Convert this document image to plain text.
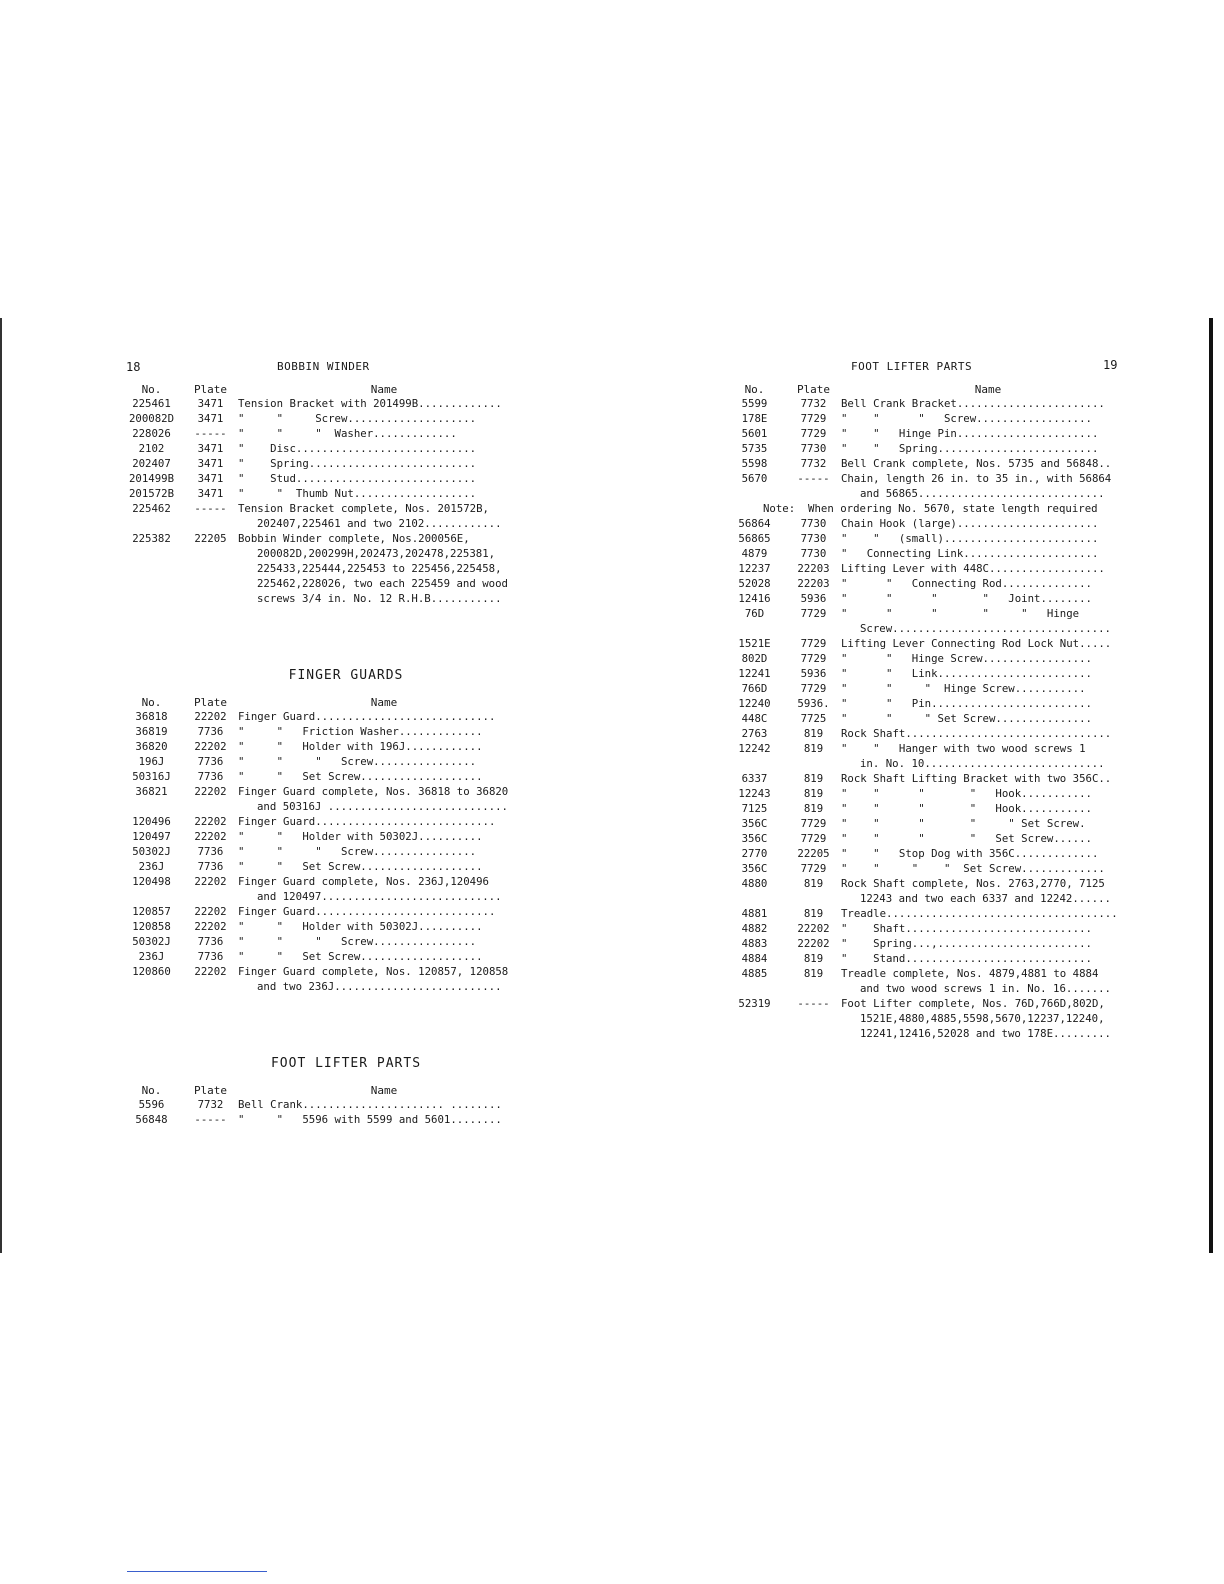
18	BOBBIN WINDER
No.	Plate	Name
225461	3471	Tension Bracket with 201499B.............
200082D	3471	"     "     Screw....................
228026	-----	"     "     "  Washer.............
2102	3471	"    Disc............................
202407	3471	"    Spring..........................
201499B	3471	"    Stud............................
201572B	3471	"     "  Thumb Nut...................
225462	-----	Tension Bracket complete, Nos. 201572B,
202407,225461 and two 2102............
225382	22205	Bobbin Winder complete, Nos.200056E,
200082D,200299H,202473,202478,225381,
225433,225444,225453 to 225456,225458,
225462,228026, two each 225459 and wood
screws 3/4 in. No. 12 R.H.B...........
FINGER GUARDS
No.	Plate	Name
36818	22202	Finger Guard............................
36819	7736	"     "   Friction Washer.............
36820	22202	"     "   Holder with 196J............
196J	7736	"     "     "   Screw................
50316J	7736	"     "   Set Screw...................
36821	22202	Finger Guard complete, Nos. 36818 to 36820
and 50316J ............................
120496	22202	Finger Guard............................
120497	22202	"     "   Holder with 50302J..........
50302J	7736	"     "     "   Screw................
236J	7736	"     "   Set Screw...................
120498	22202	Finger Guard complete, Nos. 236J,120496
and 120497............................
120857	22202	Finger Guard............................
120858	22202	"     "   Holder with 50302J..........
50302J	7736	"     "     "   Screw................
236J	7736	"     "   Set Screw...................
120860	22202	Finger Guard complete, Nos. 120857, 120858
and two 236J..........................
FOOT LIFTER PARTS
No.	Plate	Name
5596	7732	Bell Crank...................... ........
56848	-----	"     "   5596 with 5599 and 5601........
FOOT LIFTER PARTS	19
No.	Plate	Name
5599	7732	Bell Crank Bracket.......................
178E	7729	"    "      "   Screw..................
5601	7729	"    "   Hinge Pin......................
5735	7730	"    "   Spring.........................
5598	7732	Bell Crank complete, Nos. 5735 and 56848..
5670	-----	Chain, length 26 in. to 35 in., with 56864
and 56865.............................
Note:  When ordering No. 5670, state length required
56864	7730	Chain Hook (large)......................
56865	7730	"    "   (small)........................
4879	7730	"   Connecting Link.....................
12237	22203	Lifting Lever with 448C..................
52028	22203	"      "   Connecting Rod..............
12416	5936	"      "      "       "   Joint........
76D	7729	"      "      "       "     "   Hinge
Screw..................................
1521E	7729	Lifting Lever Connecting Rod Lock Nut.....
802D	7729	"      "   Hinge Screw.................
12241	5936	"      "   Link........................
766D	7729	"      "     "  Hinge Screw...........
12240	5936.	"      "   Pin.........................
448C	7725	"      "     " Set Screw...............
2763	819	Rock Shaft................................
12242	819	"    "   Hanger with two wood screws 1
in. No. 10............................
6337	819	Rock Shaft Lifting Bracket with two 356C..
12243	819	"    "      "       "   Hook...........
7125	819	"    "      "       "   Hook...........
356C	7729	"    "      "       "     " Set Screw.
356C	7729	"    "      "       "   Set Screw......
2770	22205	"    "   Stop Dog with 356C.............
356C	7729	"    "     "    "  Set Screw.............
4880	819	Rock Shaft complete, Nos. 2763,2770, 7125
12243 and two each 6337 and 12242......
4881	819	Treadle....................................
4882	22202	"    Shaft.............................
4883	22202	"    Spring...,........................
4884	819	"    Stand.............................
4885	819	Treadle complete, Nos. 4879,4881 to 4884
and two wood screws 1 in. No. 16.......
52319	-----	Foot Lifter complete, Nos. 76D,766D,802D,
1521E,4880,4885,5598,5670,12237,12240,
12241,12416,52028 and two 178E.........
